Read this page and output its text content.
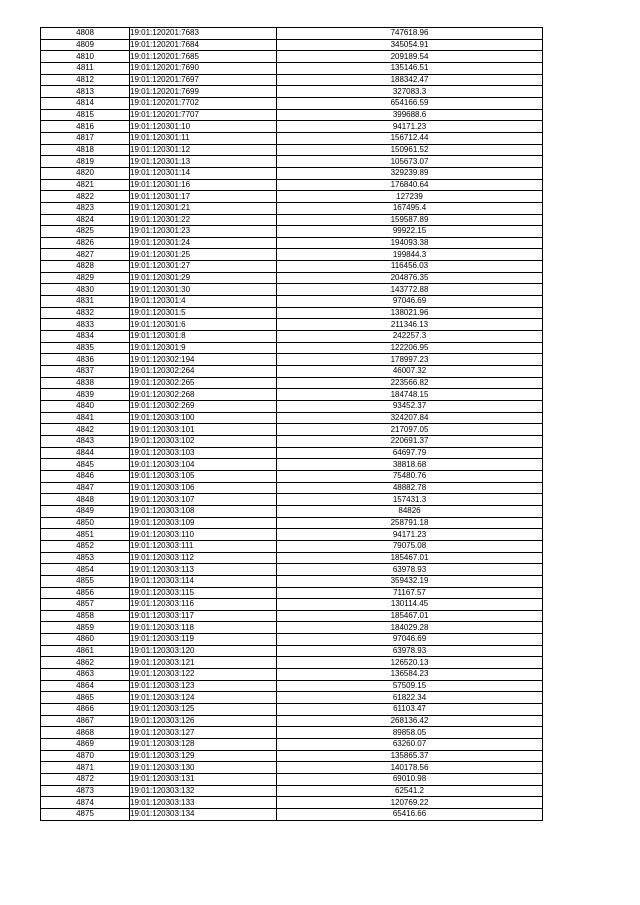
4808	19:01:120201:7683	747618.96
4809	19:01:120201:7684	345054.91
4810	19:01:120201:7685	209189.54
4811	19:01:120201:7690	135146.51
4812	19:01:120201:7697	188342.47
4813	19:01:120201:7699	327083.3
4814	19:01:120201:7702	654166.59
4815	19:01:120201:7707	399688.6
4816	19:01:120301:10	94171.23
4817	19:01:120301:11	156712.44
4818	19:01:120301:12	150961.52
4819	19:01:120301:13	105673.07
4820	19:01:120301:14	329239.89
4821	19:01:120301:16	176840.64
4822	19:01:120301:17	127239
4823	19:01:120301:21	167495.4
4824	19:01:120301:22	159587.89
4825	19:01:120301:23	99922.15
4826	19:01:120301:24	194093.38
4827	19:01:120301:25	199844.3
4828	19:01:120301:27	116456.03
4829	19:01:120301:29	204876.35
4830	19:01:120301:30	143772.88
4831	19:01:120301:4	97046.69
4832	19:01:120301:5	138021.96
4833	19:01:120301:6	211346.13
4834	19:01:120301:8	242257.3
4835	19:01:120301:9	122206.95
4836	19:01:120302:194	178997.23
4837	19:01:120302:264	46007.32
4838	19:01:120302:265	223566.82
4839	19:01:120302:268	184748.15
4840	19:01:120302:269	93452.37
4841	19:01:120303:100	324207.84
4842	19:01:120303:101	217097.05
4843	19:01:120303:102	220691.37
4844	19:01:120303:103	64697.79
4845	19:01:120303:104	38818.68
4846	19:01:120303:105	75480.76
4847	19:01:120303:106	48882.78
4848	19:01:120303:107	157431.3
4849	19:01:120303:108	84826
4850	19:01:120303:109	258791.18
4851	19:01:120303:110	94171.23
4852	19:01:120303:111	79075.08
4853	19:01:120303:112	185467.01
4854	19:01:120303:113	63978.93
4855	19:01:120303:114	359432.19
4856	19:01:120303:115	71167.57
4857	19:01:120303:116	130114.45
4858	19:01:120303:117	185467.01
4859	19:01:120303:118	184029.28
4860	19:01:120303:119	97046.69
4861	19:01:120303:120	63978.93
4862	19:01:120303:121	126520.13
4863	19:01:120303:122	136584.23
4864	19:01:120303:123	57509.15
4865	19:01:120303:124	61822.34
4866	19:01:120303:125	61103.47
4867	19:01:120303:126	268136.42
4868	19:01:120303:127	89858.05
4869	19:01:120303:128	63260.07
4870	19:01:120303:129	135865.37
4871	19:01:120303:130	140178.56
4872	19:01:120303:131	69010.98
4873	19:01:120303:132	62541.2
4874	19:01:120303:133	120769.22
4875	19:01:120303:134	65416.66
